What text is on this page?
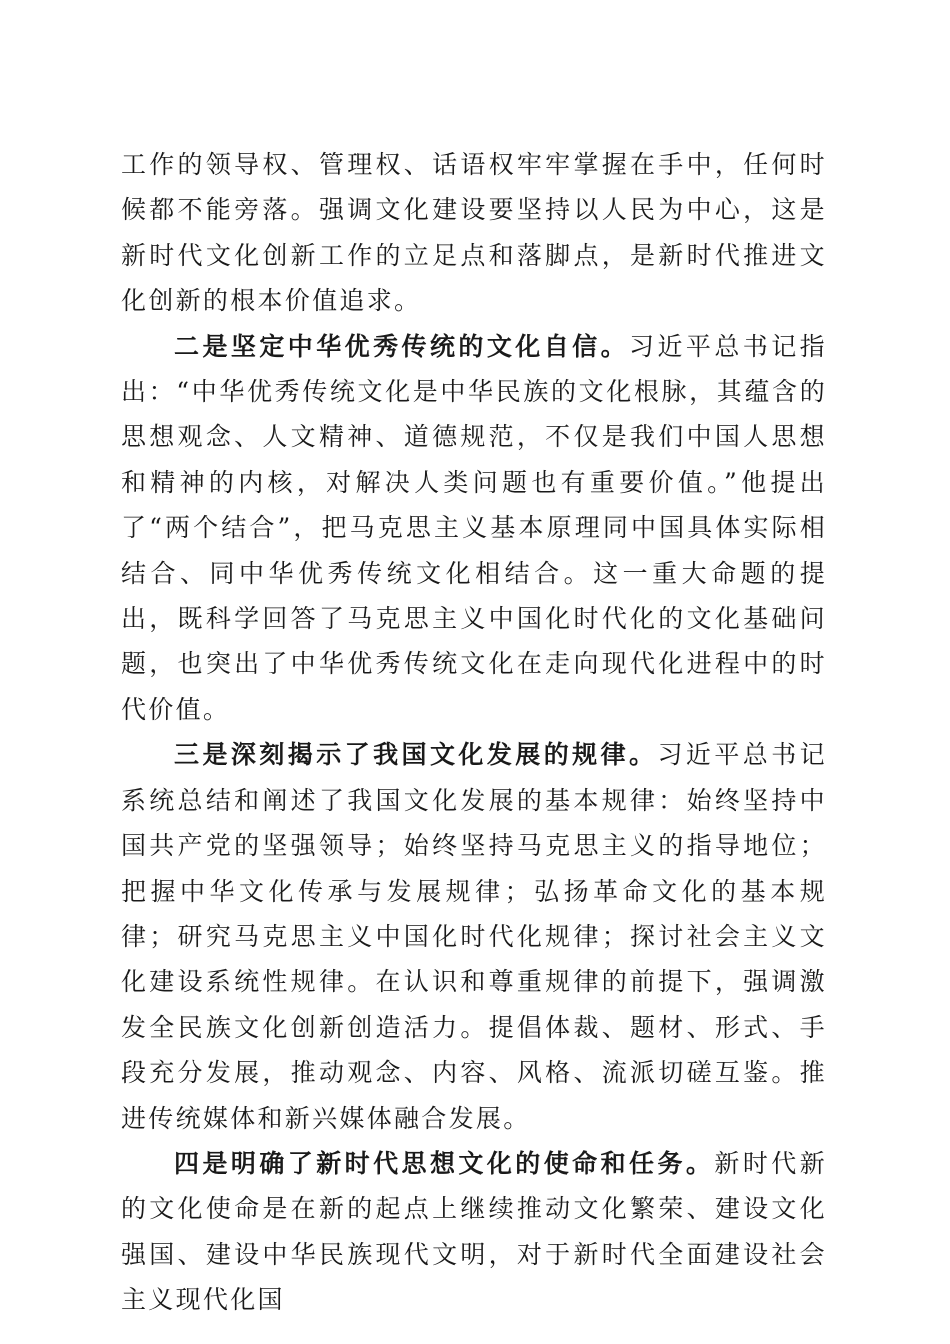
工作的领导权、管理权、话语权牢牢掌握在手中，任何时候都不能旁落。强调文化建设要坚持以人民为中心，这是新时代文化创新工作的立足点和落脚点，是新时代推进文化创新的根本价值追求。

二是坚定中华优秀传统的文化自信。习近平总书记指出：“中华优秀传统文化是中华民族的文化根脉，其蕴含的思想观念、人文精神、道德规范，不仅是我们中国人思想和精神的内核，对解决人类问题也有重要价值。”他提出了“两个结合”，把马克思主义基本原理同中国具体实际相结合、同中华优秀传统文化相结合。这一重大命题的提出，既科学回答了马克思主义中国化时代化的文化基础问题，也突出了中华优秀传统文化在走向现代化进程中的时代价值。

三是深刻揭示了我国文化发展的规律。习近平总书记系统总结和阐述了我国文化发展的基本规律：始终坚持中国共产党的坚强领导；始终坚持马克思主义的指导地位；把握中华文化传承与发展规律；弘扬革命文化的基本规律；研究马克思主义中国化时代化规律；探讨社会主义文化建设系统性规律。在认识和尊重规律的前提下，强调激发全民族文化创新创造活力。提倡体裁、题材、形式、手段充分发展，推动观念、内容、风格、流派切磋互鉴。推进传统媒体和新兴媒体融合发展。

四是明确了新时代思想文化的使命和任务。新时代新的文化使命是在新的起点上继续推动文化繁荣、建设文化强国、建设中华民族现代文明，对于新时代全面建设社会主义现代化国
